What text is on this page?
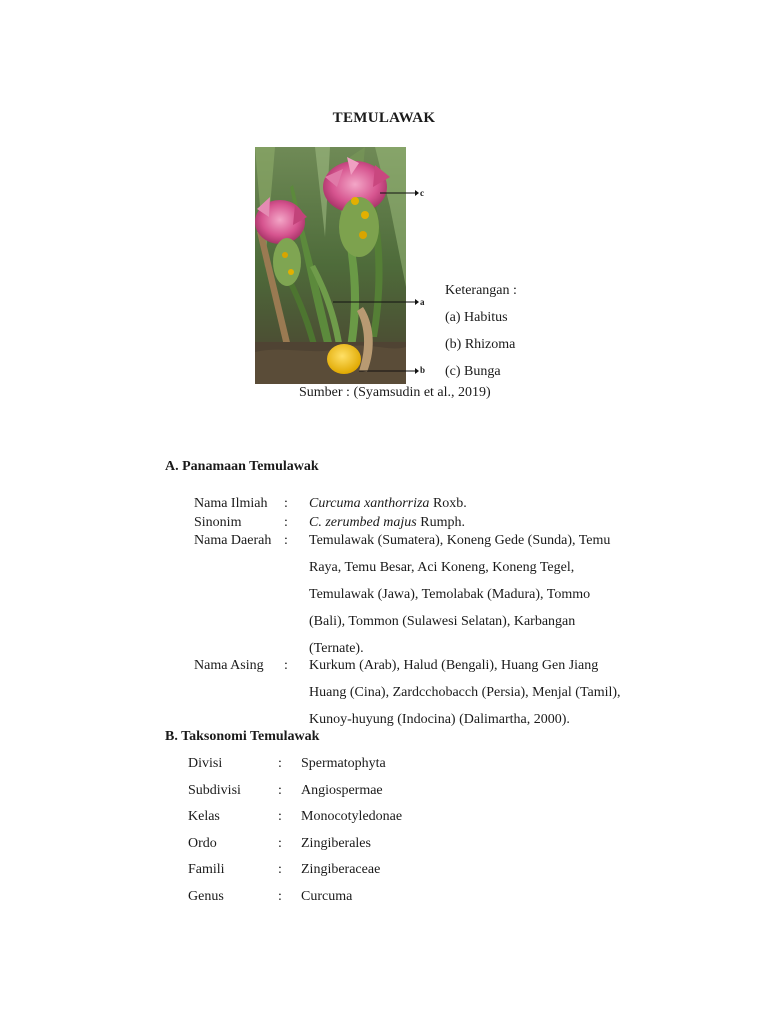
TEMULAWAK
c
a
b
Keterangan :
(a) Habitus
(b) Rhizoma
(c) Bunga
Sumber : (Syamsudin et al., 2019)
A. Panamaan Temulawak
Nama Ilmiah : Curcuma xanthorriza Roxb.
Sinonim	: C. zerumbed majus Rumph.
Nama Daerah : Temulawak (Sumatera), Koneng Gede (Sunda), Temu
Raya, Temu Besar, Aci Koneng, Koneng Tegel,
Temulawak (Jawa), Temolabak (Madura), Tommo
(Bali), Tommon (Sulawesi Selatan), Karbangan
(Ternate).
Nama Asing : Kurkum (Arab), Halud (Bengali), Huang Gen Jiang
Huang (Cina), Zardcchobacch (Persia), Menjal (Tamil),
Kunoy-huyung (Indocina) (Dalimartha, 2000).
B. Taksonomi Temulawak
Divisi	: Spermatophyta
Subdivisi	: Angiospermae
Kelas	: Monocotyledonae
Ordo	: Zingiberales
Famili	: Zingiberaceae
Genus	: Curcuma
